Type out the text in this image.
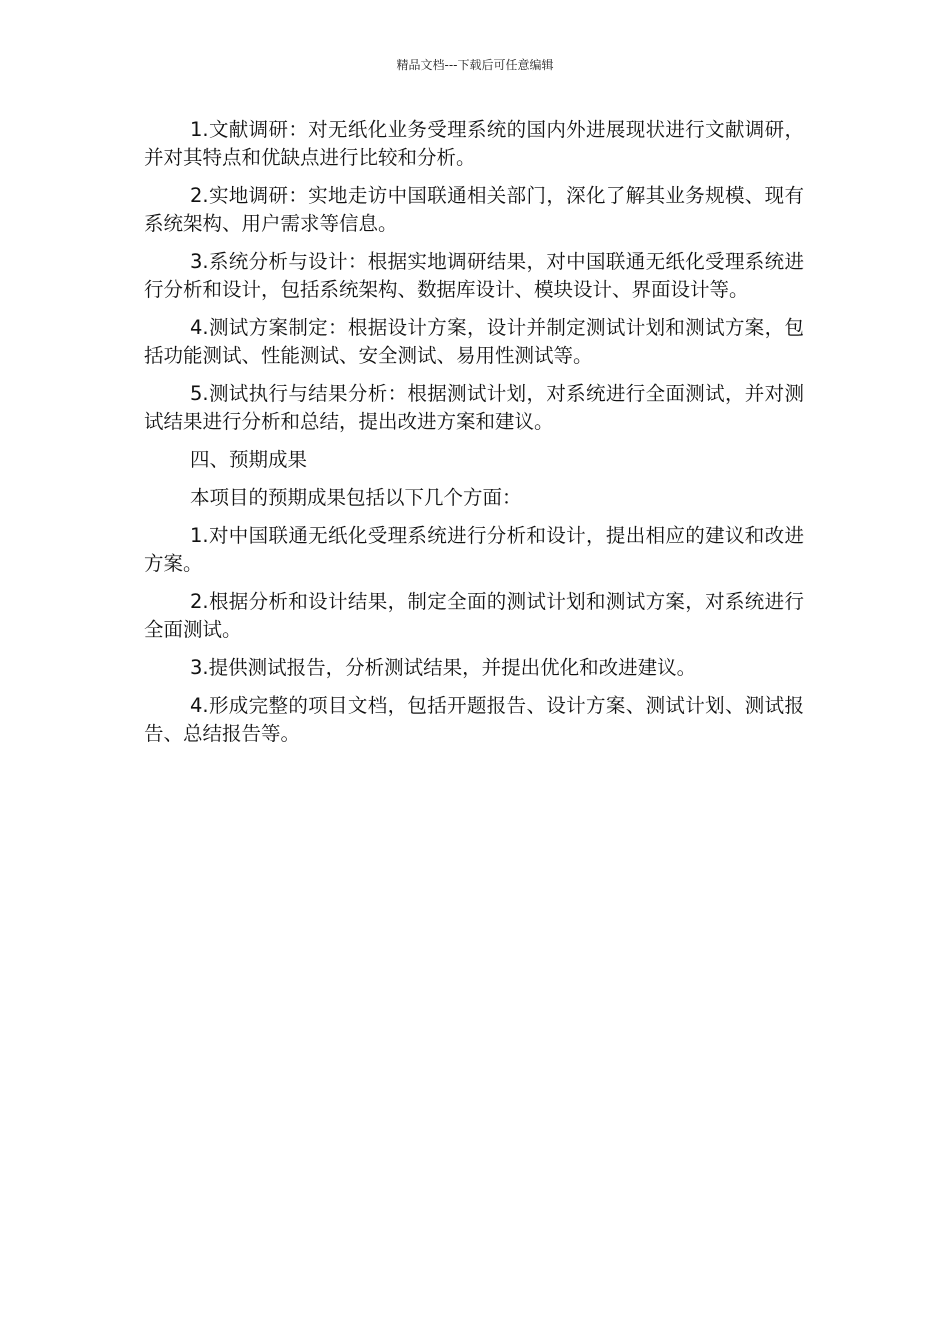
精品文档---下载后可任意编辑

1.文献调研：对无纸化业务受理系统的国内外进展现状进行文献调研，并对其特点和优缺点进行比较和分析。

2.实地调研：实地走访中国联通相关部门，深化了解其业务规模、现有系统架构、用户需求等信息。

3.系统分析与设计：根据实地调研结果，对中国联通无纸化受理系统进行分析和设计，包括系统架构、数据库设计、模块设计、界面设计等。

4.测试方案制定：根据设计方案，设计并制定测试计划和测试方案，包括功能测试、性能测试、安全测试、易用性测试等。

5.测试执行与结果分析：根据测试计划，对系统进行全面测试，并对测试结果进行分析和总结，提出改进方案和建议。

四、预期成果

本项目的预期成果包括以下几个方面：

1.对中国联通无纸化受理系统进行分析和设计，提出相应的建议和改进方案。

2.根据分析和设计结果，制定全面的测试计划和测试方案，对系统进行全面测试。

3.提供测试报告，分析测试结果，并提出优化和改进建议。

4.形成完整的项目文档，包括开题报告、设计方案、测试计划、测试报告、总结报告等。
